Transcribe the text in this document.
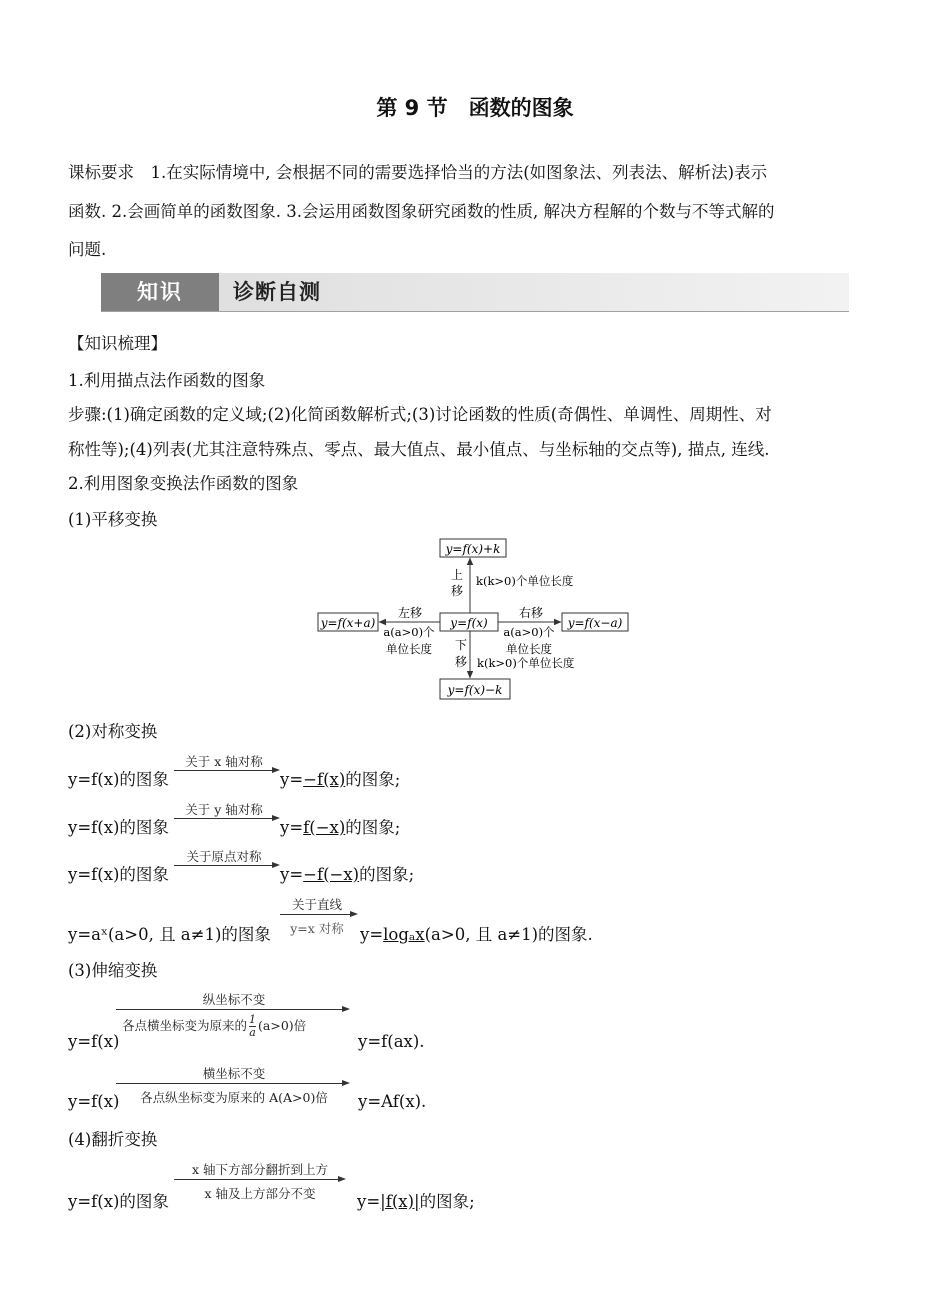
第 9 节　函数的图象
课标要求　1.在实际情境中, 会根据不同的需要选择恰当的方法(如图象法、列表法、解析法)表示
函数. 2.会画简单的函数图象. 3.会运用函数图象研究函数的性质, 解决方程解的个数与不等式解的
问题.
知识	诊断自测
【知识梳理】
1.利用描点法作函数的图象
步骤:(1)确定函数的定义域;(2)化简函数解析式;(3)讨论函数的性质(奇偶性、单调性、周期性、对
称性等);(4)列表(尤其注意特殊点、零点、最大值点、最小值点、与坐标轴的交点等), 描点, 连线.
2.利用图象变换法作函数的图象
(1)平移变换
y=f(x)+k
y=f(x)
y=f(x+a)	y=f(x−a)
y=f(x)−k
上
移
k(k>0)个单位长度
下
移 k(k>0)个单位长度
左移
a(a>0)个
单位长度
右移
a(a>0)个
单位长度
(2)对称变换
y=f(x)的图象
关于 x 轴对称
y=−f(x)的图象;
y=f(x)的图象
关于 y 轴对称
y=f(−x)的图象;
y=f(x)的图象
关于原点对称
y=−f(−x)的图象;
y=aˣ(a>0, 且 a≠1)的图象
关于直线
y=x 对称 y=logₐx(a>0, 且 a≠1)的图象.
(3)伸缩变换
y=f(x)
纵坐标不变
各点横坐标变为原来的 $\frac{1}{a} (a>0)$倍
y=f(ax).
y=f(x)
横坐标不变
各点纵坐标变为原来的 A(A>0)倍	y=Af(x).
(4)翻折变换
y=f(x)的图象
x 轴下方部分翻折到上方
x 轴及上方部分不变	y=|f(x)|的图象;
